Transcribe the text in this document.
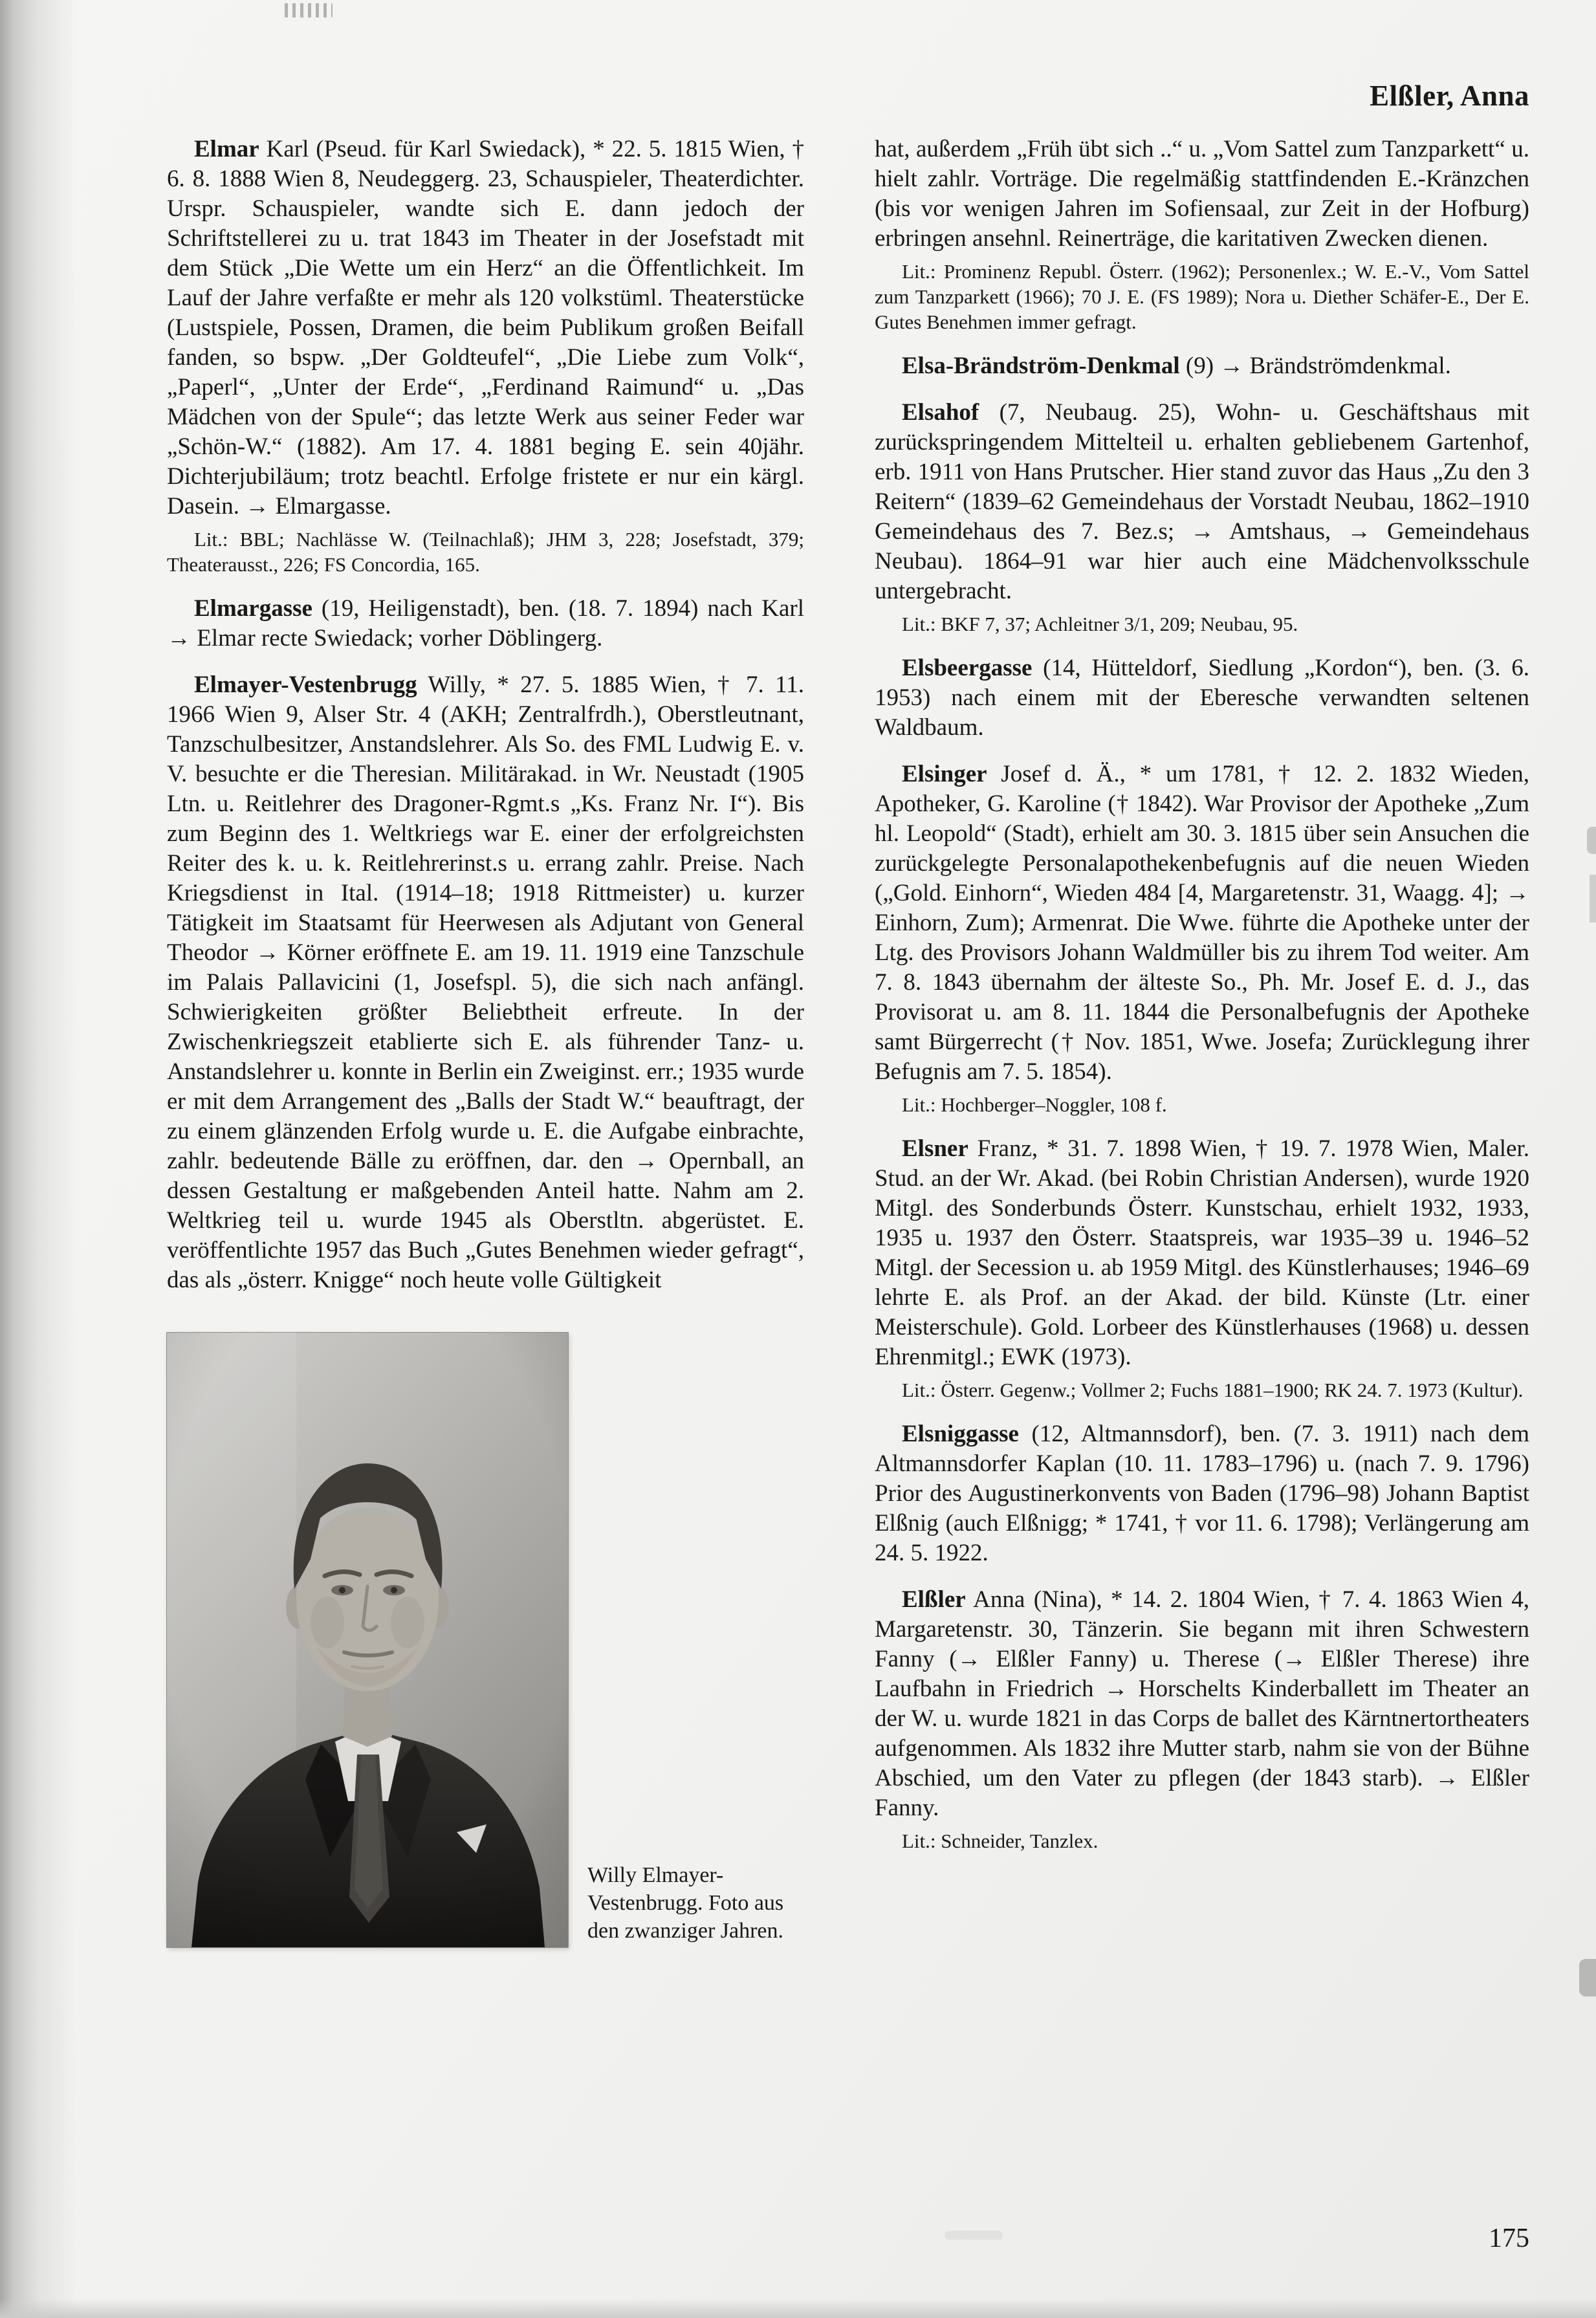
Elßler, Anna

Elmar Karl (Pseud. für Karl Swiedack), * 22. 5. 1815 Wien, † 6. 8. 1888 Wien 8, Neudeggerg. 23, Schauspieler, Theaterdichter. Urspr. Schauspieler, wandte sich E. dann jedoch der Schriftstellerei zu u. trat 1843 im Theater in der Josefstadt mit dem Stück „Die Wette um ein Herz“ an die Öffentlichkeit. Im Lauf der Jahre verfaßte er mehr als 120 volkstüml. Theaterstücke (Lustspiele, Possen, Dramen, die beim Publikum großen Beifall fanden, so bspw. „Der Goldteufel“, „Die Liebe zum Volk“, „Paperl“, „Unter der Erde“, „Ferdinand Raimund“ u. „Das Mädchen von der Spule“; das letzte Werk aus seiner Feder war „Schön-W.“ (1882). Am 17. 4. 1881 beging E. sein 40jähr. Dichterjubiläum; trotz beachtl. Erfolge fristete er nur ein kärgl. Dasein. → Elmargasse.

Lit.: BBL; Nachlässe W. (Teilnachlaß); JHM 3, 228; Josefstadt, 379; Theaterausst., 226; FS Concordia, 165.

Elmargasse (19, Heiligenstadt), ben. (18. 7. 1894) nach Karl → Elmar recte Swiedack; vorher Döblingerg.

Elmayer-Vestenbrugg Willy, * 27. 5. 1885 Wien, † 7. 11. 1966 Wien 9, Alser Str. 4 (AKH; Zentralfrdh.), Oberstleutnant, Tanzschulbesitzer, Anstandslehrer. Als So. des FML Ludwig E. v. V. besuchte er die Theresian. Militärakad. in Wr. Neustadt (1905 Ltn. u. Reitlehrer des Dragoner-Rgmt.s „Ks. Franz Nr. I“). Bis zum Beginn des 1. Weltkriegs war E. einer der erfolgreichsten Reiter des k. u. k. Reitlehrerinst.s u. errang zahlr. Preise. Nach Kriegsdienst in Ital. (1914–18; 1918 Rittmeister) u. kurzer Tätigkeit im Staatsamt für Heerwesen als Adjutant von General Theodor → Körner eröffnete E. am 19. 11. 1919 eine Tanzschule im Palais Pallavicini (1, Josefspl. 5), die sich nach anfängl. Schwierigkeiten größter Beliebtheit erfreute. In der Zwischenkriegszeit etablierte sich E. als führender Tanz- u. Anstandslehrer u. konnte in Berlin ein Zweiginst. err.; 1935 wurde er mit dem Arrangement des „Balls der Stadt W.“ beauftragt, der zu einem glänzenden Erfolg wurde u. E. die Aufgabe einbrachte, zahlr. bedeutende Bälle zu eröffnen, dar. den → Opernball, an dessen Gestaltung er maßgebenden Anteil hatte. Nahm am 2. Weltkrieg teil u. wurde 1945 als Oberstltn. abgerüstet. E. veröffentlichte 1957 das Buch „Gutes Benehmen wieder gefragt“, das als „österr. Knigge“ noch heute volle Gültigkeit

Willy Elmayer-Vestenbrugg. Foto aus den zwanziger Jahren.

hat, außerdem „Früh übt sich ..“ u. „Vom Sattel zum Tanzparkett“ u. hielt zahlr. Vorträge. Die regelmäßig stattfindenden E.-Kränzchen (bis vor wenigen Jahren im Sofiensaal, zur Zeit in der Hofburg) erbringen ansehnl. Reinerträge, die karitativen Zwecken dienen.

Lit.: Prominenz Republ. Österr. (1962); Personenlex.; W. E.-V., Vom Sattel zum Tanzparkett (1966); 70 J. E. (FS 1989); Nora u. Diether Schäfer-E., Der E. Gutes Benehmen immer gefragt.

Elsa-Brändström-Denkmal (9) → Brändströmdenkmal.

Elsahof (7, Neubaug. 25), Wohn- u. Geschäftshaus mit zurückspringendem Mittelteil u. erhalten gebliebenem Gartenhof, erb. 1911 von Hans Prutscher. Hier stand zuvor das Haus „Zu den 3 Reitern“ (1839–62 Gemeindehaus der Vorstadt Neubau, 1862–1910 Gemeindehaus des 7. Bez.s; → Amtshaus, → Gemeindehaus Neubau). 1864–91 war hier auch eine Mädchenvolksschule untergebracht.

Lit.: BKF 7, 37; Achleitner 3/1, 209; Neubau, 95.

Elsbeergasse (14, Hütteldorf, Siedlung „Kordon“), ben. (3. 6. 1953) nach einem mit der Eberesche verwandten seltenen Waldbaum.

Elsinger Josef d. Ä., * um 1781, † 12. 2. 1832 Wieden, Apotheker, G. Karoline († 1842). War Provisor der Apotheke „Zum hl. Leopold“ (Stadt), erhielt am 30. 3. 1815 über sein Ansuchen die zurückgelegte Personalapothekenbefugnis auf die neuen Wieden („Gold. Einhorn“, Wieden 484 [4, Margaretenstr. 31, Waagg. 4]; → Einhorn, Zum); Armenrat. Die Wwe. führte die Apotheke unter der Ltg. des Provisors Johann Waldmüller bis zu ihrem Tod weiter. Am 7. 8. 1843 übernahm der älteste So., Ph. Mr. Josef E. d. J., das Provisorat u. am 8. 11. 1844 die Personalbefugnis der Apotheke samt Bürgerrecht († Nov. 1851, Wwe. Josefa; Zurücklegung ihrer Befugnis am 7. 5. 1854).

Lit.: Hochberger–Noggler, 108 f.

Elsner Franz, * 31. 7. 1898 Wien, † 19. 7. 1978 Wien, Maler. Stud. an der Wr. Akad. (bei Robin Christian Andersen), wurde 1920 Mitgl. des Sonderbunds Österr. Kunstschau, erhielt 1932, 1933, 1935 u. 1937 den Österr. Staatspreis, war 1935–39 u. 1946–52 Mitgl. der Secession u. ab 1959 Mitgl. des Künstlerhauses; 1946–69 lehrte E. als Prof. an der Akad. der bild. Künste (Ltr. einer Meisterschule). Gold. Lorbeer des Künstlerhauses (1968) u. dessen Ehrenmitgl.; EWK (1973).

Lit.: Österr. Gegenw.; Vollmer 2; Fuchs 1881–1900; RK 24. 7. 1973 (Kultur).

Elsniggasse (12, Altmannsdorf), ben. (7. 3. 1911) nach dem Altmannsdorfer Kaplan (10. 11. 1783–1796) u. (nach 7. 9. 1796) Prior des Augustinerkonvents von Baden (1796–98) Johann Baptist Elßnig (auch Elßnigg; * 1741, † vor 11. 6. 1798); Verlängerung am 24. 5. 1922.

Elßler Anna (Nina), * 14. 2. 1804 Wien, † 7. 4. 1863 Wien 4, Margaretenstr. 30, Tänzerin. Sie begann mit ihren Schwestern Fanny (→ Elßler Fanny) u. Therese (→ Elßler Therese) ihre Laufbahn in Friedrich → Horschelts Kinderballett im Theater an der W. u. wurde 1821 in das Corps de ballet des Kärntnertortheaters aufgenommen. Als 1832 ihre Mutter starb, nahm sie von der Bühne Abschied, um den Vater zu pflegen (der 1843 starb). → Elßler Fanny.

Lit.: Schneider, Tanzlex.

175
